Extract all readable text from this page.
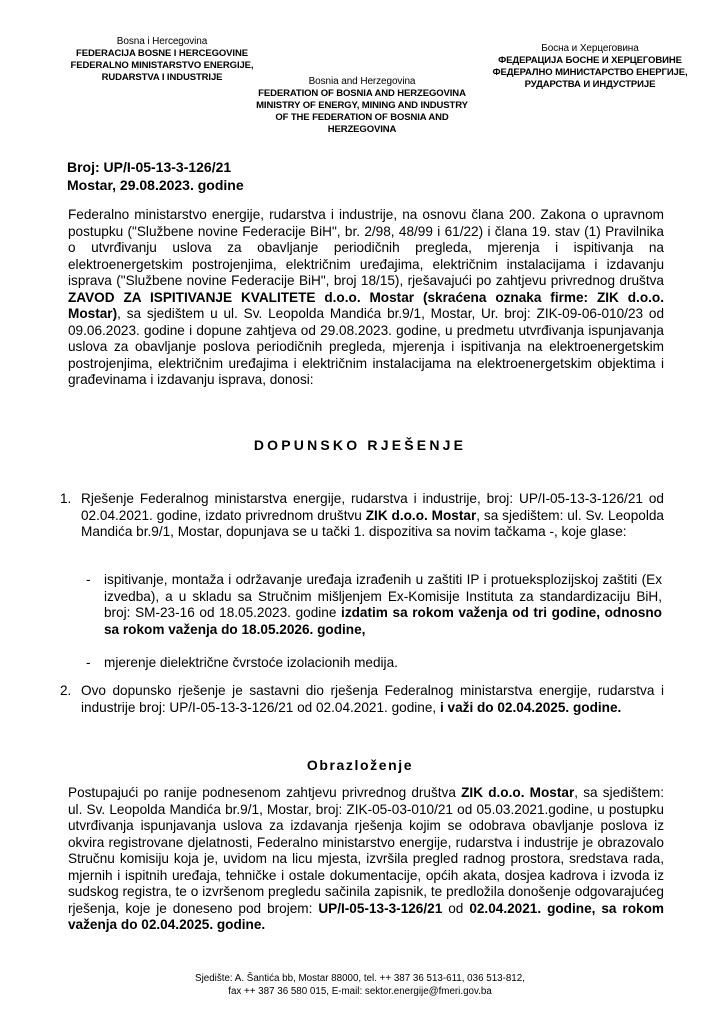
Bosna i Hercegovina
FEDERACIJA BOSNE I HERCEGOVINE
FEDERALNO MINISTARSTVO ENERGIJE,
RUDARSTVA I INDUSTRIJE	Bosnia and Herzegovina
FEDERATION OF BOSNIA AND HERZEGOVINA
MINISTRY OF ENERGY, MINING AND INDUSTRY
OF THE FEDERATION OF BOSNIA AND
HERZEGOVINA
Босна и Херцеговина
ФЕДЕРАЦИЈА БОСНЕ И ХЕРЦЕГОВИНЕ
ФЕДЕРАЛНО МИНИСТАРСТВО ЕНЕРГИЈЕ,
РУДАРСТВА И ИНДУСТРИЈЕ
Broj: UP/I-05-13-3-126/21
Mostar, 29.08.2023. godine
Federalno ministarstvo energije, rudarstva i industrije, na osnovu člana 200. Zakona o upravnom postupku ("Službene novine Federacije BiH", br. 2/98, 48/99 i 61/22) i člana 19. stav (1) Pravilnika o utvrđivanju uslova za obavljanje periodičnih pregleda, mjerenja i ispitivanja na elektroenergetskim postrojenjima, električnim uređajima, električnim instalacijama i izdavanju isprava ("Službene novine Federacije BiH", broj 18/15), rješavajući po zahtjevu privrednog društva ZAVOD ZA ISPITIVANJE KVALITETE d.o.o. Mostar (skraćena oznaka firme: ZIK d.o.o. Mostar), sa sjedištem u ul. Sv. Leopolda Mandića br.9/1, Mostar, Ur. broj: ZIK-09-06-010/23 od 09.06.2023. godine i dopune zahtjeva od 29.08.2023. godine, u predmetu utvrđivanja ispunjavanja uslova za obavljanje poslova periodičnih pregleda, mjerenja i ispitivanja na elektroenergetskim postrojenjima, električnim uređajima i električnim instalacijama na elektroenergetskim objektima i građevinama i izdavanju isprava, donosi:
DOPUNSKO RJEŠENJE
1. Rješenje Federalnog ministarstva energije, rudarstva i industrije, broj: UP/I-05-13-3-126/21 od 02.04.2021. godine, izdato privrednom društvu ZIK d.o.o. Mostar, sa sjedištem: ul. Sv. Leopolda Mandića br.9/1, Mostar, dopunjava se u tački 1. dispozitiva sa novim tačkama -, koje glase:
- ispitivanje, montaža i održavanje uređaja izrađenih u zaštiti IP i protueksplozijskoj zaštiti (Ex izvedba), a u skladu sa Stručnim mišljenjem Ex-Komisije Instituta za standardizaciju BiH, broj: SM-23-16 od 18.05.2023. godine izdatim sa rokom važenja od tri godine, odnosno sa rokom važenja do 18.05.2026. godine,
- mjerenje dielektrične čvrstoće izolacionih medija.
2. Ovo dopunsko rješenje je sastavni dio rješenja Federalnog ministarstva energije, rudarstva i industrije broj: UP/I-05-13-3-126/21 od 02.04.2021. godine, i važi do 02.04.2025. godine.
Obrazloženje
Postupajući po ranije podnesenom zahtjevu privrednog društva ZIK d.o.o. Mostar, sa sjedištem: ul. Sv. Leopolda Mandića br.9/1, Mostar, broj: ZIK-05-03-010/21 od 05.03.2021.godine, u postupku utvrđivanja ispunjavanja uslova za izdavanja rješenja kojim se odobrava obavljanje poslova iz okvira registrovane djelatnosti, Federalno ministarstvo energije, rudarstva i industrije je obrazovalo Stručnu komisiju koja je, uvidom na licu mjesta, izvršila pregled radnog prostora, sredstava rada, mjernih i ispitnih uređaja, tehničke i ostale dokumentacije, općih akata, dosjea kadrova i izvoda iz sudskog registra, te o izvršenom pregledu sačinila zapisnik, te predložila donošenje odgovarajućeg rješenja, koje je doneseno pod brojem: UP/I-05-13-3-126/21 od 02.04.2021. godine, sa rokom važenja do 02.04.2025. godine.
Sjedište: A. Šantića bb, Mostar 88000, tel. ++ 387 36 513-611, 036 513-812,
fax ++ 387 36 580 015, E-mail: sektor.energije@fmeri.gov.ba
